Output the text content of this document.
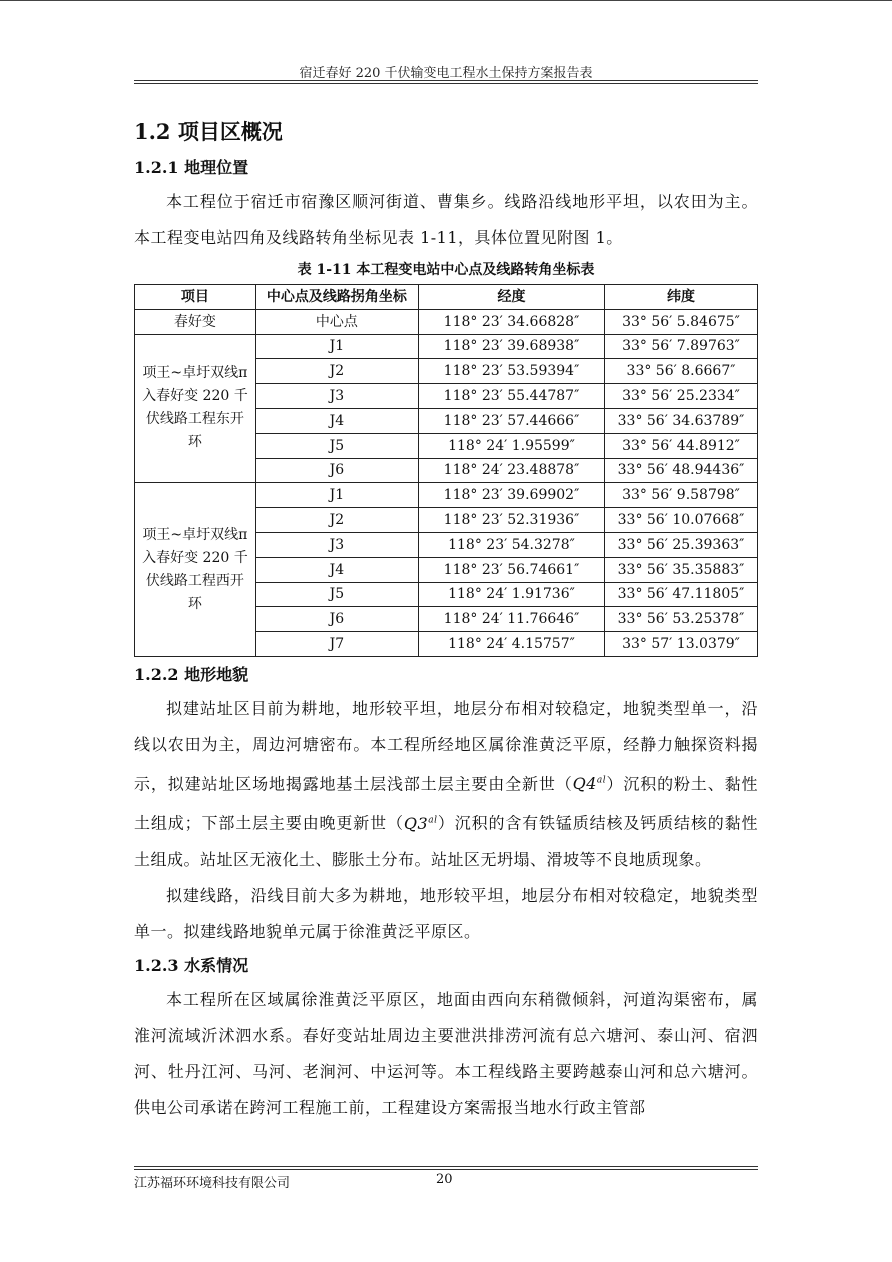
宿迁春好 220 千伏输变电工程水土保持方案报告表
1.2 项目区概况
1.2.1 地理位置

本工程位于宿迁市宿豫区顺河街道、曹集乡。线路沿线地形平坦，以农田为主。本工程变电站四角及线路转角坐标见表 1-11，具体位置见附图 1。

表 1-11 本工程变电站中心点及线路转角坐标表
项目	中心点及线路拐角坐标	经度	纬度
春好变	中心点	118° 23′ 34.66828″	33° 56′ 5.84675″
项王~卓圩双线π入春好变 220 千伏线路工程东开环	J1	118° 23′ 39.68938″	33° 56′ 7.89763″
	J2	118° 23′ 53.59394″	33° 56′ 8.6667″
	J3	118° 23′ 55.44787″	33° 56′ 25.2334″
	J4	118° 23′ 57.44666″	33° 56′ 34.63789″
	J5	118° 24′ 1.95599″	33° 56′ 44.8912″
	J6	118° 24′ 23.48878″	33° 56′ 48.94436″
项王~卓圩双线π入春好变 220 千伏线路工程西开环	J1	118° 23′ 39.69902″	33° 56′ 9.58798″
	J2	118° 23′ 52.31936″	33° 56′ 10.07668″
	J3	118° 23′ 54.3278″	33° 56′ 25.39363″
	J4	118° 23′ 56.74661″	33° 56′ 35.35883″
	J5	118° 24′ 1.91736″	33° 56′ 47.11805″
	J6	118° 24′ 11.76646″	33° 56′ 53.25378″
	J7	118° 24′ 4.15757″	33° 57′ 13.0379″
1.2.2 地形地貌

拟建站址区目前为耕地，地形较平坦，地层分布相对较稳定，地貌类型单一，沿线以农田为主，周边河塘密布。本工程所经地区属徐淮黄泛平原，经静力触探资料揭示，拟建站址区场地揭露地基土层浅部土层主要由全新世$(Q4^{al})$沉积的粉土、黏性土组成；下部土层主要由晚更新世$(Q3^{al})$沉积的含有铁锰质结核及钙质结核的黏性土组成。站址区无液化土、膨胀土分布。站址区无坍塌、滑坡等不良地质现象。

拟建线路，沿线目前大多为耕地，地形较平坦，地层分布相对较稳定，地貌类型单一。拟建线路地貌单元属于徐淮黄泛平原区。

1.2.3 水系情况

本工程所在区域属徐淮黄泛平原区，地面由西向东稍微倾斜，河道沟渠密布，属淮河流域沂沭泗水系。春好变站址周边主要泄洪排涝河流有总六塘河、泰山河、宿泗河、牡丹江河、马河、老涧河、中运河等。本工程线路主要跨越泰山河和总六塘河。供电公司承诺在跨河工程施工前，工程建设方案需报当地水行政主管部

江苏福环环境科技有限公司	20
